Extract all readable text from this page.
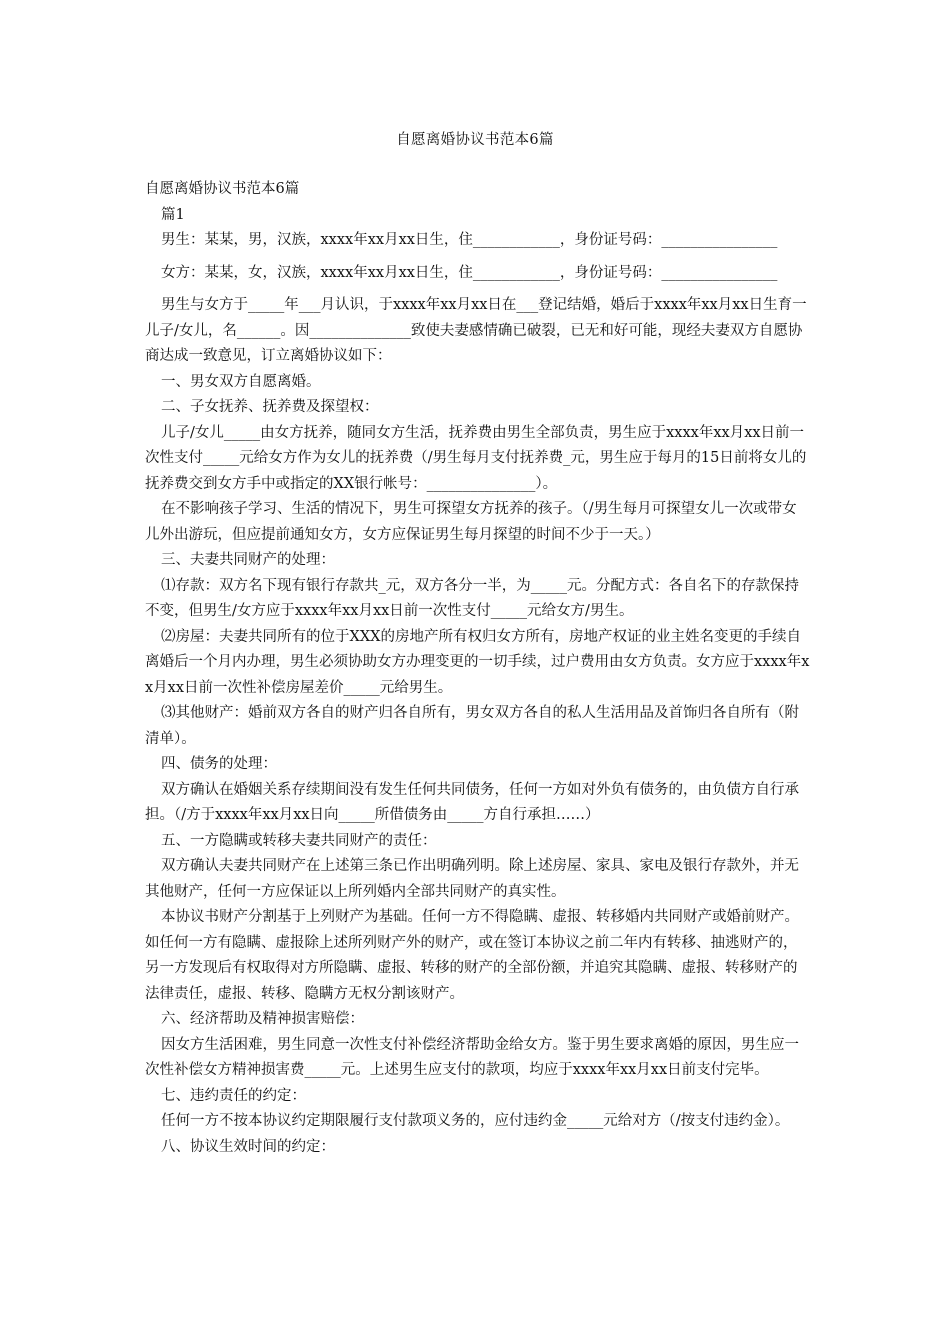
自愿离婚协议书范本6篇

自愿离婚协议书范本6篇

篇1

男生：某某，男，汉族，xxxx年xx月xx日生，住____________，身份证号码：________________

女方：某某，女，汉族，xxxx年xx月xx日生，住____________，身份证号码：________________

男生与女方于_____年___月认识，于xxxx年xx月xx日在___登记结婚，婚后于xxxx年xx月xx日生育一儿子/女儿，名______。因______________致使夫妻感情确已破裂，已无和好可能，现经夫妻双方自愿协商达成一致意见，订立离婚协议如下：

一、男女双方自愿离婚。

二、子女抚养、抚养费及探望权：

儿子/女儿_____由女方抚养，随同女方生活，抚养费由男生全部负责，男生应于xxxx年xx月xx日前一次性支付_____元给女方作为女儿的抚养费（/男生每月支付抚养费_元，男生应于每月的15日前将女儿的抚养费交到女方手中或指定的XX银行帐号：_______________）。

在不影响孩子学习、生活的情况下，男生可探望女方抚养的孩子。（/男生每月可探望女儿一次或带女儿外出游玩，但应提前通知女方，女方应保证男生每月探望的时间不少于一天。）

三、夫妻共同财产的处理：

⑴存款：双方名下现有银行存款共_元，双方各分一半，为_____元。分配方式：各自名下的存款保持不变，但男生/女方应于xxxx年xx月xx日前一次性支付_____元给女方/男生。

⑵房屋：夫妻共同所有的位于XXX的房地产所有权归女方所有，房地产权证的业主姓名变更的手续自离婚后一个月内办理，男生必须协助女方办理变更的一切手续，过户费用由女方负责。女方应于xxxx年xx月xx日前一次性补偿房屋差价_____元给男生。

⑶其他财产：婚前双方各自的财产归各自所有，男女双方各自的私人生活用品及首饰归各自所有（附清单）。

四、债务的处理：

双方确认在婚姻关系存续期间没有发生任何共同债务，任何一方如对外负有债务的，由负债方自行承担。（/方于xxxx年xx月xx日向_____所借债务由_____方自行承担……）

五、一方隐瞒或转移夫妻共同财产的责任：

双方确认夫妻共同财产在上述第三条已作出明确列明。除上述房屋、家具、家电及银行存款外，并无其他财产，任何一方应保证以上所列婚内全部共同财产的真实性。

本协议书财产分割基于上列财产为基础。任何一方不得隐瞒、虚报、转移婚内共同财产或婚前财产。如任何一方有隐瞒、虚报除上述所列财产外的财产，或在签订本协议之前二年内有转移、抽逃财产的，另一方发现后有权取得对方所隐瞒、虚报、转移的财产的全部份额，并追究其隐瞒、虚报、转移财产的法律责任，虚报、转移、隐瞒方无权分割该财产。

六、经济帮助及精神损害赔偿：

因女方生活困难，男生同意一次性支付补偿经济帮助金给女方。鉴于男生要求离婚的原因，男生应一次性补偿女方精神损害费_____元。上述男生应支付的款项，均应于xxxx年xx月xx日前支付完毕。

七、违约责任的约定：

任何一方不按本协议约定期限履行支付款项义务的，应付违约金_____元给对方（/按支付违约金）。

八、协议生效时间的约定：
